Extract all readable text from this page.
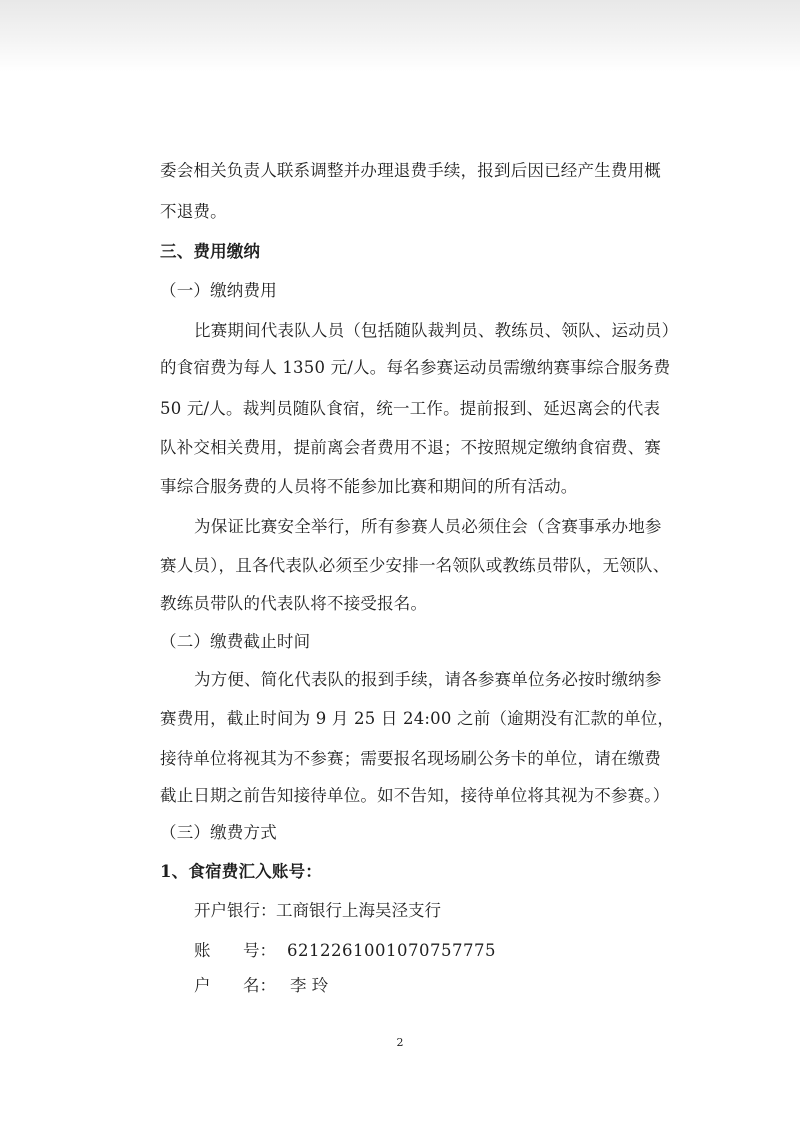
委会相关负责人联系调整并办理退费手续，报到后因已经产生费用概
不退费。
三、费用缴纳
（一）缴纳费用
比赛期间代表队人员（包括随队裁判员、教练员、领队、运动员）
的食宿费为每人 1350 元/人。每名参赛运动员需缴纳赛事综合服务费
50 元/人。裁判员随队食宿，统一工作。提前报到、延迟离会的代表
队补交相关费用，提前离会者费用不退；不按照规定缴纳食宿费、赛
事综合服务费的人员将不能参加比赛和期间的所有活动。
为保证比赛安全举行，所有参赛人员必须住会（含赛事承办地参
赛人员），且各代表队必须至少安排一名领队或教练员带队，无领队、
教练员带队的代表队将不接受报名。
（二）缴费截止时间
为方便、简化代表队的报到手续，请各参赛单位务必按时缴纳参
赛费用，截止时间为 9 月 25 日 24:00 之前（逾期没有汇款的单位，
接待单位将视其为不参赛；需要报名现场刷公务卡的单位，请在缴费
截止日期之前告知接待单位。如不告知，接待单位将其视为不参赛。）
（三）缴费方式
1、食宿费汇入账号：
开户银行： 工商银行上海吴泾支行
账 号： 6212261001070757775
户 名： 李 玲
2
